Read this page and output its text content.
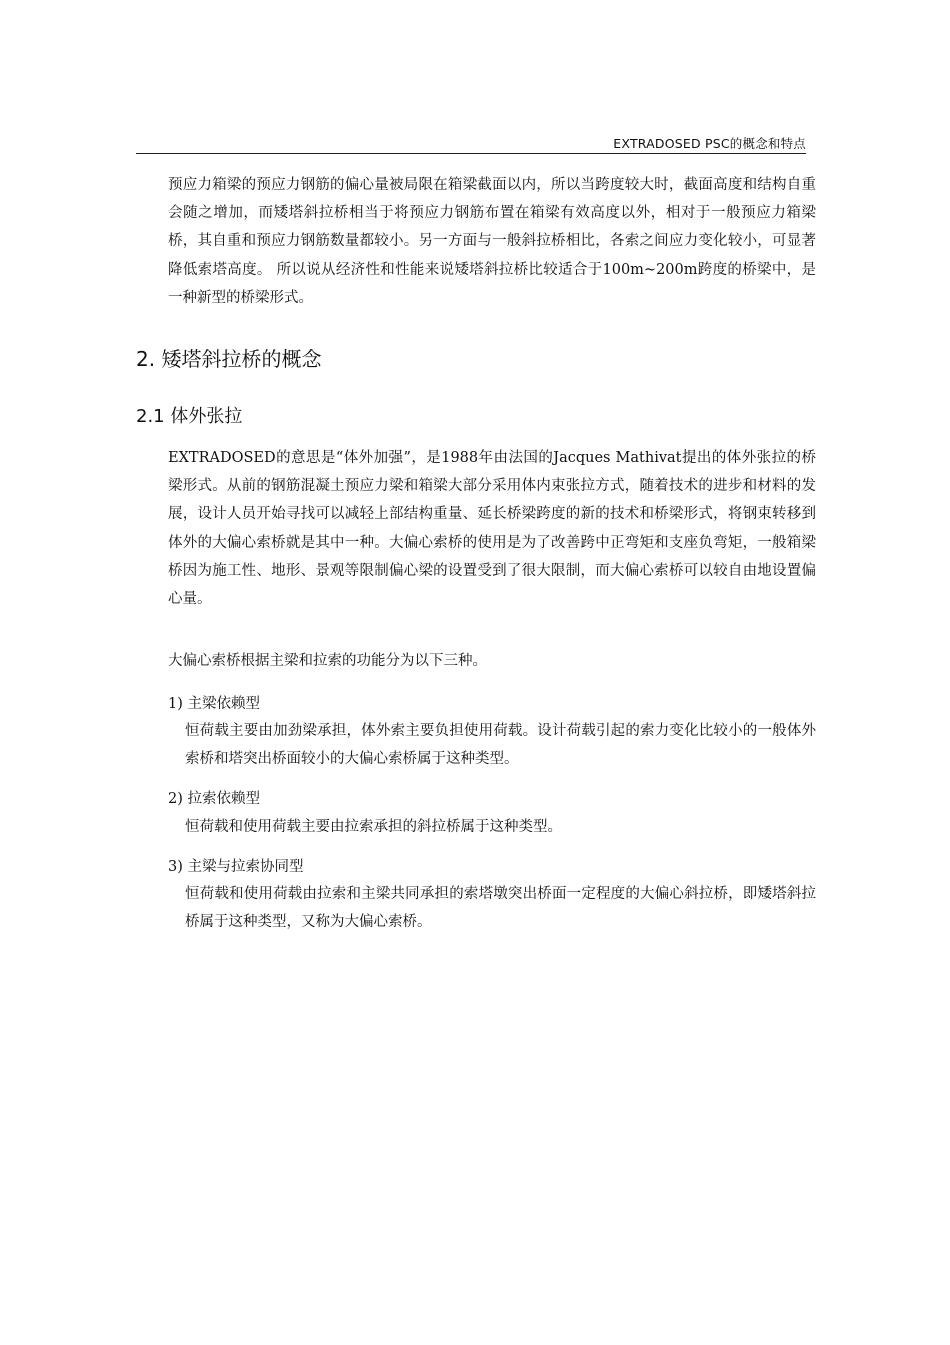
EXTRADOSED PSC的概念和特点
预应力箱梁的预应力钢筋的偏心量被局限在箱梁截面以内，所以当跨度较大时，截面高度和结构自重会随之增加，而矮塔斜拉桥相当于将预应力钢筋布置在箱梁有效高度以外，相对于一般预应力箱梁桥，其自重和预应力钢筋数量都较小。另一方面与一般斜拉桥相比，各索之间应力变化较小，可显著降低索塔高度。 所以说从经济性和性能来说矮塔斜拉桥比较适合于100m~200m跨度的桥梁中，是一种新型的桥梁形式。
2. 矮塔斜拉桥的概念
2.1 体外张拉
EXTRADOSED的意思是“体外加强”，是1988年由法国的Jacques Mathivat提出的体外张拉的桥梁形式。从前的钢筋混凝土预应力梁和箱梁大部分采用体内束张拉方式，随着技术的进步和材料的发展，设计人员开始寻找可以减轻上部结构重量、延长桥梁跨度的新的技术和桥梁形式，将钢束转移到体外的大偏心索桥就是其中一种。大偏心索桥的使用是为了改善跨中正弯矩和支座负弯矩，一般箱梁桥因为施工性、地形、景观等限制偏心梁的设置受到了很大限制，而大偏心索桥可以较自由地设置偏心量。
大偏心索桥根据主梁和拉索的功能分为以下三种。
1) 主梁依赖型
恒荷载主要由加劲梁承担，体外索主要负担使用荷载。设计荷载引起的索力变化比较小的一般体外索桥和塔突出桥面较小的大偏心索桥属于这种类型。
2) 拉索依赖型
恒荷载和使用荷载主要由拉索承担的斜拉桥属于这种类型。
3) 主梁与拉索协同型
恒荷载和使用荷载由拉索和主梁共同承担的索塔墩突出桥面一定程度的大偏心斜拉桥，即矮塔斜拉桥属于这种类型，又称为大偏心索桥。
